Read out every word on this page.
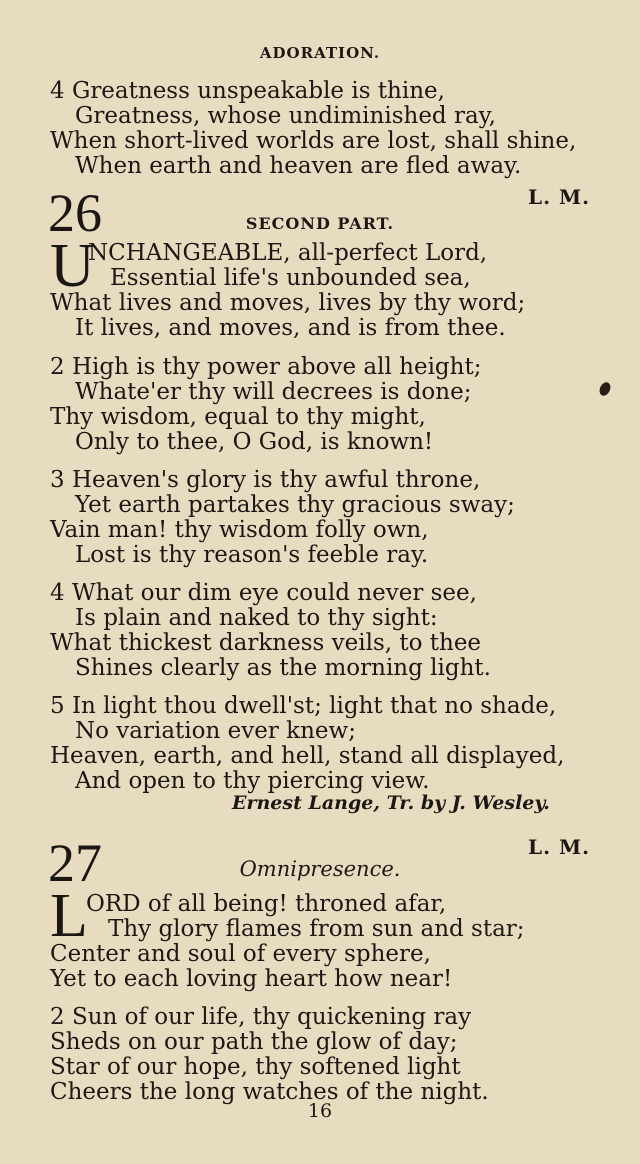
ADORATION.
4 Greatness unspeakable is thine,
Greatness, whose undiminished ray,
When short-lived worlds are lost, shall shine,
When earth and heaven are fled away.
26	L. M.
SECOND PART.
U
NCHANGEABLE, all-perfect Lord,
Essential life's unbounded sea,
What lives and moves, lives by thy word;
It lives, and moves, and is from thee.
2 High is thy power above all height;
Whate'er thy will decrees is done;
Thy wisdom, equal to thy might,
Only to thee, O God, is known!
3 Heaven's glory is thy awful throne,
Yet earth partakes thy gracious sway;
Vain man! thy wisdom folly own,
Lost is thy reason's feeble ray.
4 What our dim eye could never see,
Is plain and naked to thy sight:
What thickest darkness veils, to thee
Shines clearly as the morning light.
5 In light thou dwell'st; light that no shade,
No variation ever knew;
Heaven, earth, and hell, stand all displayed,
And open to thy piercing view.
Ernest Lange, Tr. by J. Wesley.
27	L. M.
Omnipresence.
L
ORD of all being! throned afar,
Thy glory flames from sun and star;
Center and soul of every sphere,
Yet to each loving heart how near!
2 Sun of our life, thy quickening ray
Sheds on our path the glow of day;
Star of our hope, thy softened light
Cheers the long watches of the night.
16
